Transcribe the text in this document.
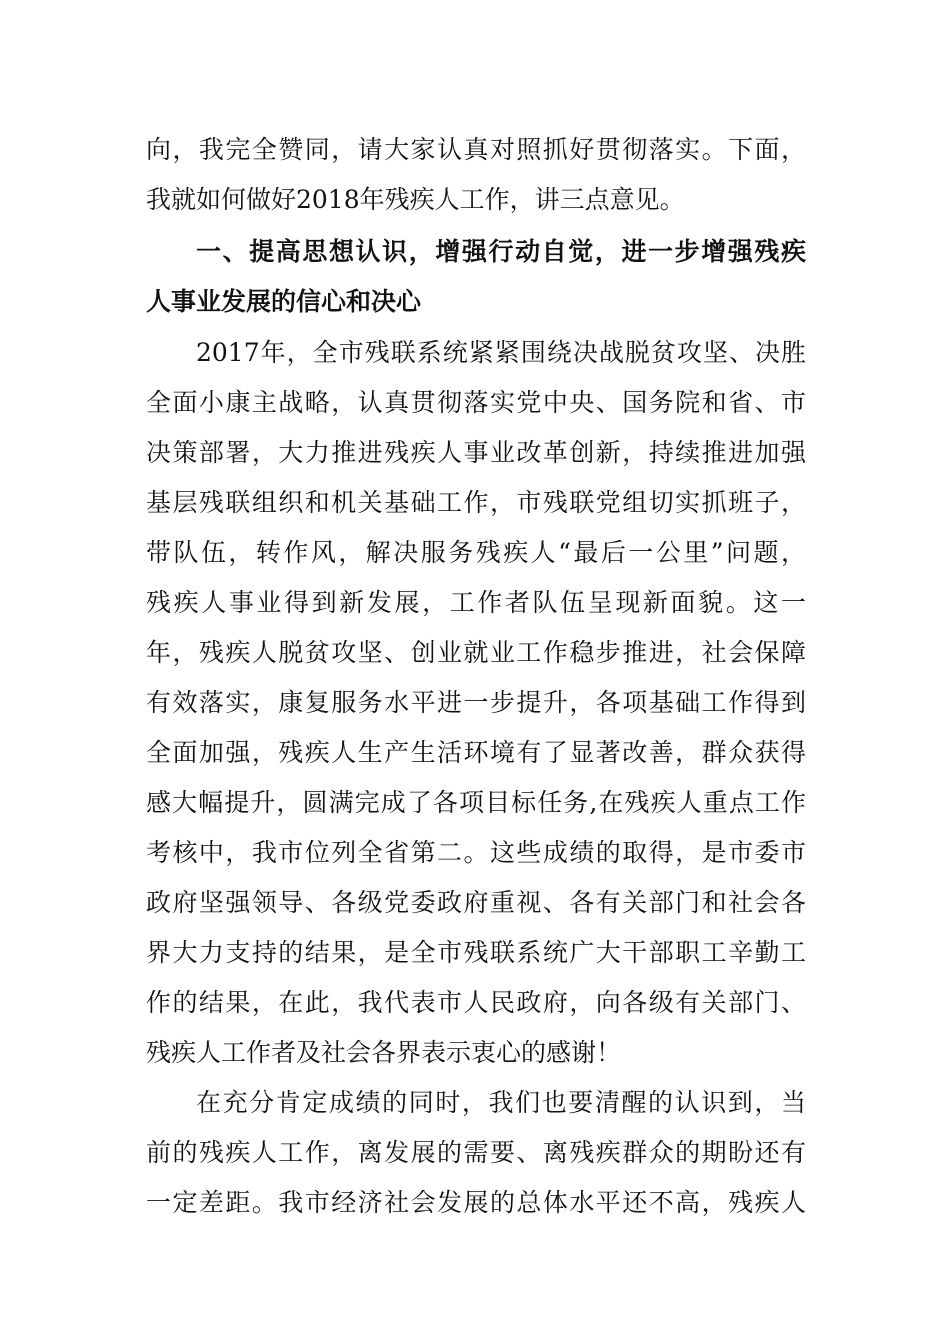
向，我完全赞同，请大家认真对照抓好贯彻落实。下面，
我就如何做好2018年残疾人工作，讲三点意见。
一、提高思想认识，增强行动自觉，进一步增强残疾
人事业发展的信心和决心
2017年，全市残联系统紧紧围绕决战脱贫攻坚、决胜
全面小康主战略，认真贯彻落实党中央、国务院和省、市
决策部署，大力推进残疾人事业改革创新，持续推进加强
基层残联组织和机关基础工作，市残联党组切实抓班子，
带队伍，转作风，解决服务残疾人“最后一公里”问题，
残疾人事业得到新发展，工作者队伍呈现新面貌。这一
年，残疾人脱贫攻坚、创业就业工作稳步推进，社会保障
有效落实，康复服务水平进一步提升，各项基础工作得到
全面加强，残疾人生产生活环境有了显著改善，群众获得
感大幅提升，圆满完成了各项目标任务,在残疾人重点工作
考核中，我市位列全省第二。这些成绩的取得，是市委市
政府坚强领导、各级党委政府重视、各有关部门和社会各
界大力支持的结果，是全市残联系统广大干部职工辛勤工
作的结果，在此，我代表市人民政府，向各级有关部门、
残疾人工作者及社会各界表示衷心的感谢！
在充分肯定成绩的同时，我们也要清醒的认识到，当
前的残疾人工作，离发展的需要、离残疾群众的期盼还有
一定差距。我市经济社会发展的总体水平还不高，残疾人
